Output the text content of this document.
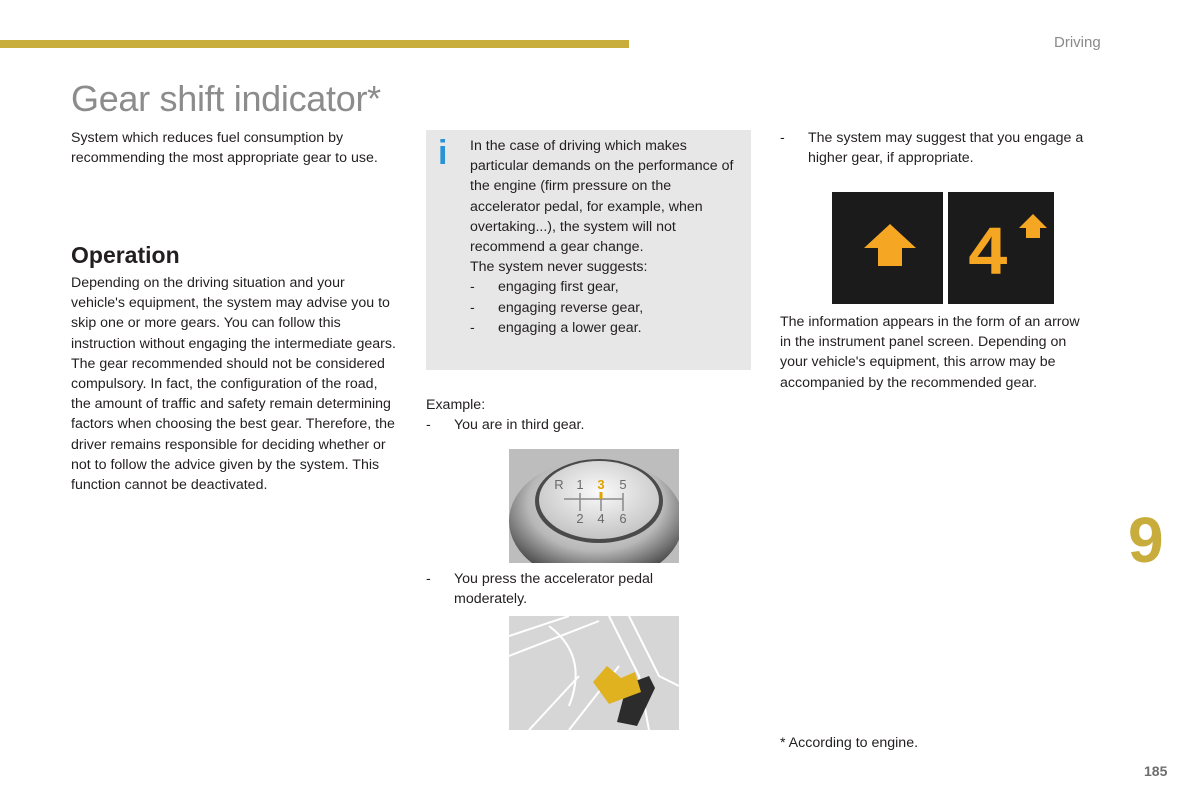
Driving
Gear shift indicator*

System which reduces fuel consumption by recommending the most appropriate gear to use.

Operation

Depending on the driving situation and your vehicle's equipment, the system may advise you to skip one or more gears. You can follow this instruction without engaging the intermediate gears. The gear recommended should not be considered compulsory. In fact, the configuration of the road, the amount of traffic and safety remain determining factors when choosing the best gear. Therefore, the driver remains responsible for deciding whether or not to follow the advice given by the system. This function cannot be deactivated.

i In the case of driving which makes particular demands on the performance of the engine (firm pressure on the accelerator pedal, for example, when overtaking...), the system will not recommend a gear change.
The system never suggests:
- engaging first gear,
- engaging reverse gear,
- engaging a lower gear.
Example:
-	You are in third gear.
R 1 3 5
2 4 6
-	You press the accelerator pedal moderately.
-	The system may suggest that you engage a higher gear, if appropriate.
4

The information appears in the form of an arrow in the instrument panel screen. Depending on your vehicle's equipment, this arrow may be accompanied by the recommended gear.

* According to engine.
9
185
